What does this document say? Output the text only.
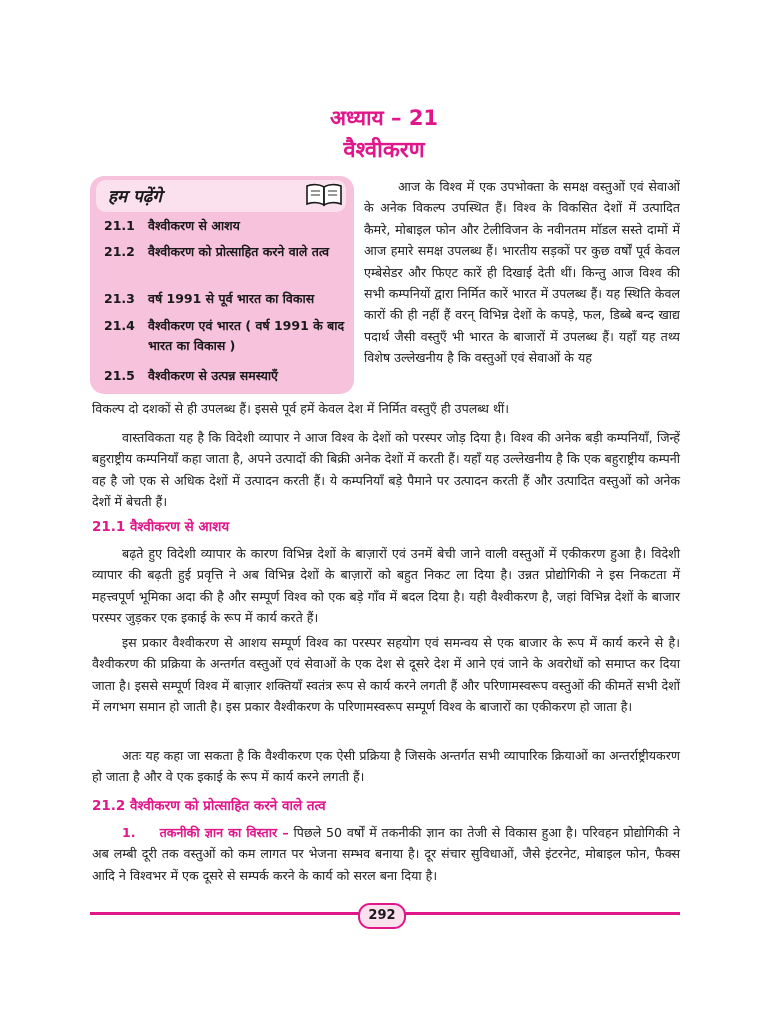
अध्याय – 21
वैश्वीकरण
हम पढ़ेंगे
21.1 वैश्वीकरण से आशय
21.2 वैश्वीकरण को प्रोत्साहित करने वाले तत्व
21.3 वर्ष 1991 से पूर्व भारत का विकास
21.4 वैश्वीकरण एवं भारत ( वर्ष 1991 के बाद भारत का विकास )
21.5 वैश्वीकरण से उत्पन्न समस्याएँ
आज के विश्व में एक उपभोक्ता के समक्ष वस्तुओं एवं सेवाओं के अनेक विकल्प उपस्थित हैं। विश्व के विकसित देशों में उत्पादित कैमरे, मोबाइल फोन और टेलीविजन के नवीनतम मॉडल सस्ते दामों में आज हमारे समक्ष उपलब्ध हैं। भारतीय सड़कों पर कुछ वर्षों पूर्व केवल एम्बेसेडर और फिएट कारें ही दिखाई देती थीं। किन्तु आज विश्व की सभी कम्पनियों द्वारा निर्मित कारें भारत में उपलब्ध हैं। यह स्थिति केवल कारों की ही नहीं हैं वरन् विभिन्न देशों के कपड़े, फल, डिब्बे बन्द खाद्य पदार्थ जैसी वस्तुएँ भी भारत के बाजारों में उपलब्ध हैं। यहाँ यह तथ्य विशेष उल्लेखनीय है कि वस्तुओं एवं सेवाओं के यह
विकल्प दो दशकों से ही उपलब्ध हैं। इससे पूर्व हमें केवल देश में निर्मित वस्तुएँ ही उपलब्ध थीं।
वास्तविकता यह है कि विदेशी व्यापार ने आज विश्व के देशों को परस्पर जोड़ दिया है। विश्व की अनेक बड़ी कम्पनियाँ, जिन्हें बहुराष्ट्रीय कम्पनियाँ कहा जाता है, अपने उत्पादों की बिक्री अनेक देशों में करती हैं। यहाँ यह उल्लेखनीय है कि एक बहुराष्ट्रीय कम्पनी वह है जो एक से अधिक देशों में उत्पादन करती हैं। ये कम्पनियाँ बड़े पैमाने पर उत्पादन करती हैं और उत्पादित वस्तुओं को अनेक देशों में बेचती हैं।
21.1 वैश्वीकरण से आशय
बढ़ते हुए विदेशी व्यापार के कारण विभिन्न देशों के बाज़ारों एवं उनमें बेची जाने वाली वस्तुओं में एकीकरण हुआ है। विदेशी व्यापार की बढ़ती हुई प्रवृत्ति ने अब विभिन्न देशों के बाज़ारों को बहुत निकट ला दिया है। उन्नत प्रोद्योगिकी ने इस निकटता में महत्त्वपूर्ण भूमिका अदा की है और सम्पूर्ण विश्व को एक बड़े गाँव में बदल दिया है। यही वैश्वीकरण है, जहां विभिन्न देशों के बाजार परस्पर जुड़कर एक इकाई के रूप में कार्य करते हैं।
इस प्रकार वैश्वीकरण से आशय सम्पूर्ण विश्व का परस्पर सहयोग एवं समन्वय से एक बाजार के रूप में कार्य करने से है। वैश्वीकरण की प्रक्रिया के अन्तर्गत वस्तुओं एवं सेवाओं के एक देश से दूसरे देश में आने एवं जाने के अवरोधों को समाप्त कर दिया जाता है। इससे सम्पूर्ण विश्व में बाज़ार शक्तियाँ स्वतंत्र रूप से कार्य करने लगती हैं और परिणामस्वरूप वस्तुओं की कीमतें सभी देशों में लगभग समान हो जाती है। इस प्रकार वैश्वीकरण के परिणामस्वरूप सम्पूर्ण विश्व के बाजारों का एकीकरण हो जाता है।
अतः यह कहा जा सकता है कि वैश्वीकरण एक ऐसी प्रक्रिया है जिसके अन्तर्गत सभी व्यापारिक क्रियाओं का अन्तर्राष्ट्रीयकरण हो जाता है और वे एक इकाई के रूप में कार्य करने लगती हैं।
21.2 वैश्वीकरण को प्रोत्साहित करने वाले तत्व
1. तकनीकी ज्ञान का विस्तार – पिछले 50 वर्षों में तकनीकी ज्ञान का तेजी से विकास हुआ है। परिवहन प्रोद्योगिकी ने अब लम्बी दूरी तक वस्तुओं को कम लागत पर भेजना सम्भव बनाया है। दूर संचार सुविधाओं, जैसे इंटरनेट, मोबाइल फोन, फैक्स आदि ने विश्वभर में एक दूसरे से सम्पर्क करने के कार्य को सरल बना दिया है।
292
